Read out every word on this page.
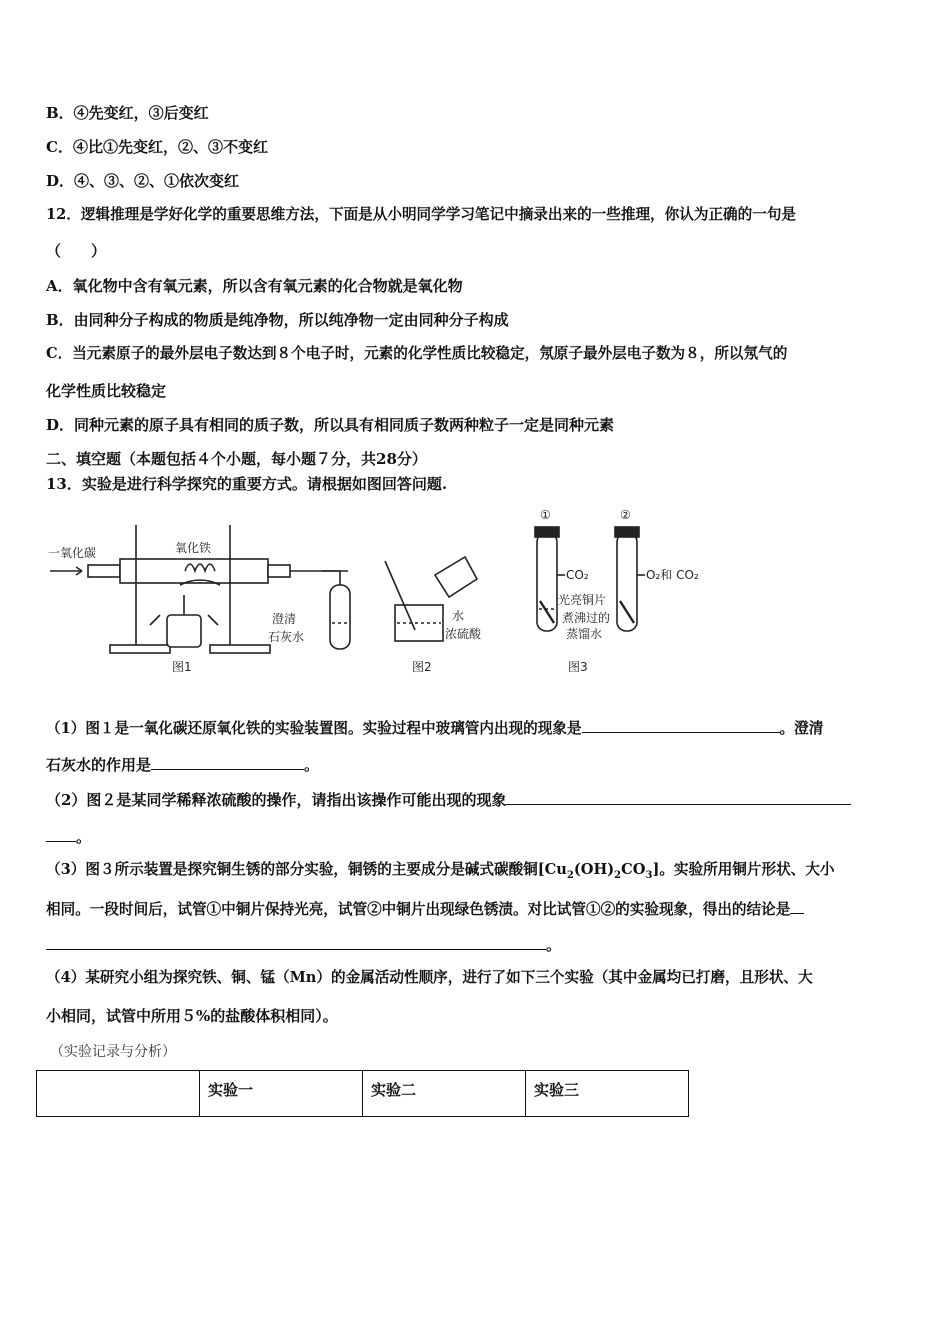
B．④先变红，③后变红
C．④比①先变红，②、③不变红
D．④、③、②、①依次变红
12．逻辑推理是学好化学的重要思维方法，下面是从小明同学学习笔记中摘录出来的一些推理，你认为正确的一句是
（　　）
A．氧化物中含有氧元素，所以含有氧元素的化合物就是氧化物
B．由同种分子构成的物质是纯净物，所以纯净物一定由同种分子构成
C．当元素原子的最外层电子数达到８个电子时，元素的化学性质比较稳定，氖原子最外层电子数为８，所以氖气的
化学性质比较稳定
D．同种元素的原子具有相同的质子数，所以具有相同质子数两种粒子一定是同种元素
二、填空题（本题包括４个小题，每小题７分，共28分）
13．实验是进行科学探究的重要方式。请根据如图回答问题.
一氧化碳	氧化铁
澄清
石灰水
图1
水
浓硫酸
图2
①	②
CO₂	O₂和 CO₂
光亮铜片
煮沸过的
蒸馏水
图3
（1）图１是一氧化碳还原氧化铁的实验装置图。实验过程中玻璃管内出现的现象是	。澄清
石灰水的作用是	。
（2）图２是某同学稀释浓硫酸的操作，请指出该操作可能出现的现象
。
（3）图３所示装置是探究铜生锈的部分实验，铜锈的主要成分是碱式碳酸铜$[Cu_2(OH)_2CO_3]$。实验所用铜片形状、大小
相同。一段时间后，试管①中铜片保持光亮，试管②中铜片出现绿色锈渍。对比试管①②的实验现象，得出的结论是
。
（4）某研究小组为探究铁、铜、锰（Mn）的金属活动性顺序，进行了如下三个实验（其中金属均已打磨，且形状、大
小相同，试管中所用５%的盐酸体积相同）。
（实验记录与分析）
	实验一	实验二	实验三
